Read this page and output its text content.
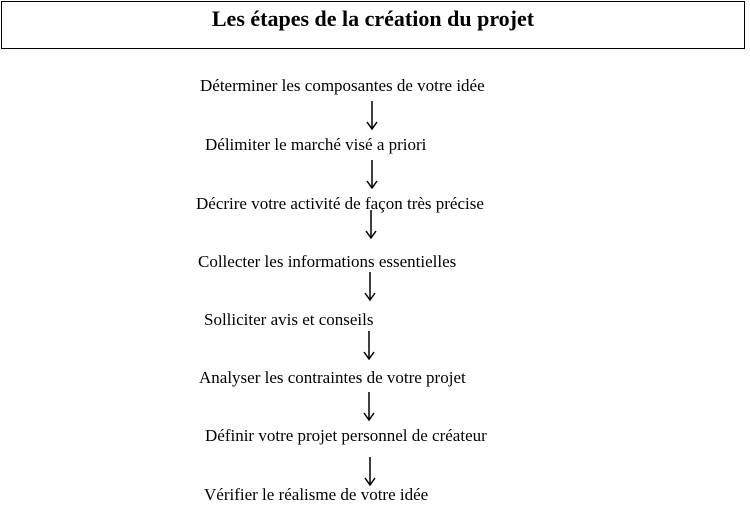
Les étapes de la création du projet
Déterminer les composantes de votre idée
Délimiter le marché visé a priori
Décrire votre activité de façon très précise
Collecter les informations essentielles
Solliciter avis et conseils
Analyser les contraintes de votre projet
Définir votre projet personnel de créateur
Vérifier le réalisme de votre idée
